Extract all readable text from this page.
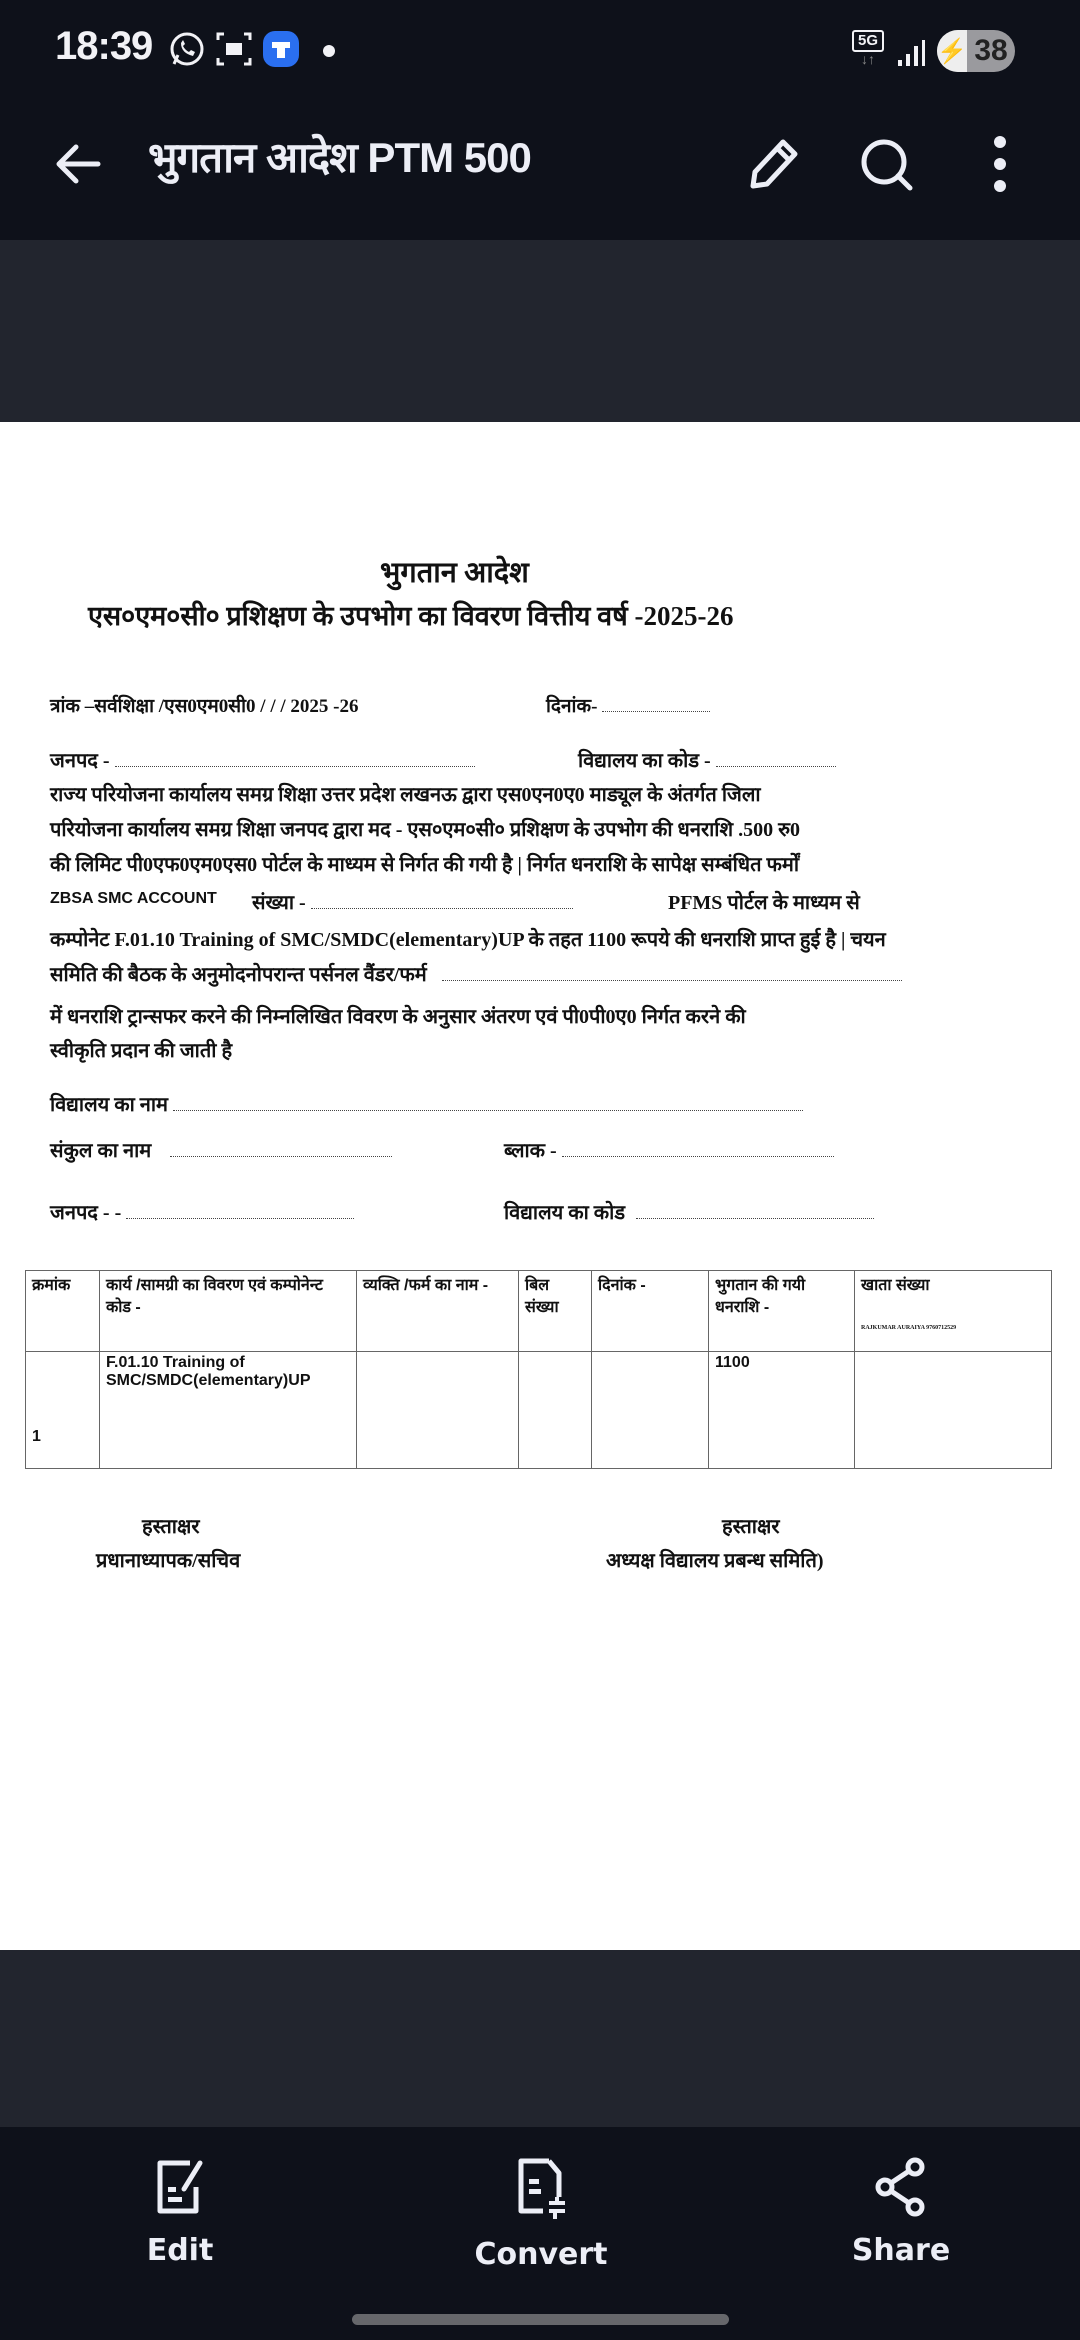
18:39	5G
↓↑	⚡ 38
भुगतान आदेश PTM 500
भुगतान आदेश
एस०एम०सी० प्रशिक्षण के उपभोग का विवरण वित्तीय वर्ष -2025-26
त्रांक –सर्वशिक्षा /एस0एम0सी0 / / / 2025 -26	दिनांक-
जनपद -	विद्यालय का कोड -
राज्य परियोजना कार्यालय समग्र शिक्षा उत्तर प्रदेश लखनऊ द्वारा एस0एन0ए0 माड्यूल के अंतर्गत जिला
परियोजना कार्यालय समग्र शिक्षा जनपद द्वारा मद - एस०एम०सी० प्रशिक्षण के उपभोग की धनराशि .500 रु0
की लिमिट पी0एफ0एम0एस0 पोर्टल के माध्यम से निर्गत की गयी है | निर्गत धनराशि के सापेक्ष सम्बंधित फर्मों
ZBSA SMC ACCOUNT संख्या -	PFMS पोर्टल के माध्यम से
कम्पोनेट F.01.10 Training of SMC/SMDC(elementary)UP के तहत 1100 रूपये की धनराशि प्राप्त हुई है | चयन
समिति की बैठक के अनुमोदनोपरान्त पर्सनल वैंडर/फर्म
में धनराशि ट्रान्सफर करने की निम्नलिखित विवरण के अनुसार अंतरण एवं पी0पी0ए0 निर्गत करने की
स्वीकृति प्रदान की जाती है
विद्यालय का नाम
संकुल का नाम	ब्लाक -
जनपद - -	विद्यालय का कोड
क्रमांक	कार्य /सामग्री का विवरण एवं कम्पोनेन्ट कोड -	व्यक्ति /फर्म का नाम -	बिल संख्या	दिनांक -	भुगतान की गयी धनराशि -	खाता संख्या
RAJKUMAR AURAIYA 9760712529

1	F.01.10 Training of SMC/SMDC(elementary)UP				1100	
हस्ताक्षर
प्रधानाध्यापक/सचिव
हस्ताक्षर
अध्यक्ष विद्यालय प्रबन्ध समिति)
Edit	Convert	Share
